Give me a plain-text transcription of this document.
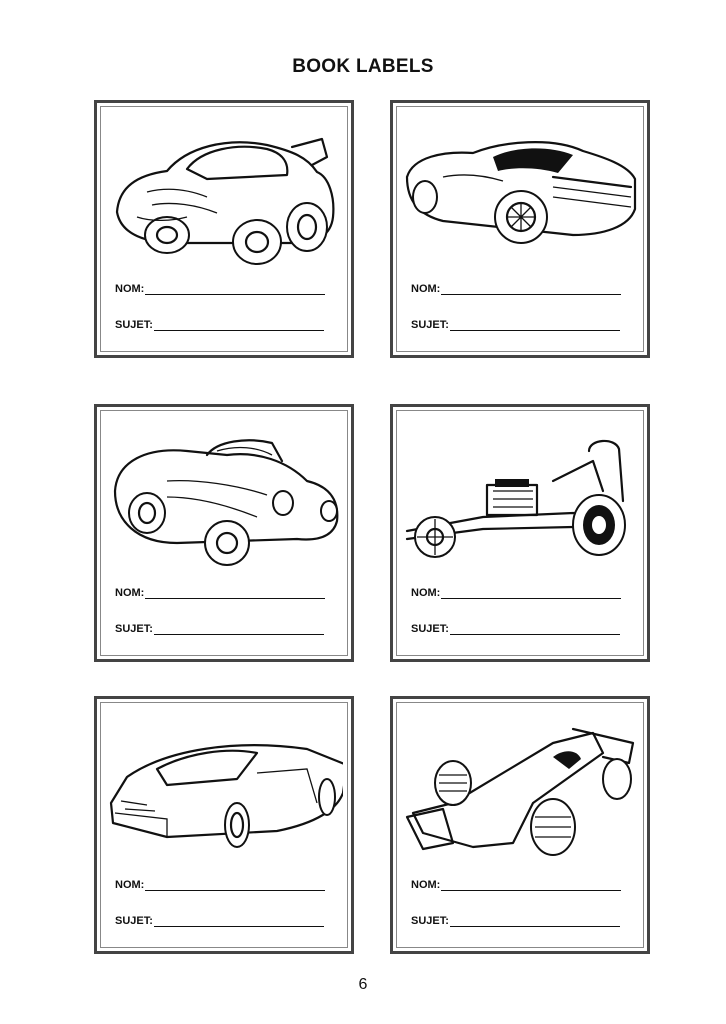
BOOK LABELS
NOM:
SUJET:
NOM:
SUJET:
NOM:
SUJET:
NOM:
SUJET:
NOM:
SUJET:
NOM:
SUJET:
6
